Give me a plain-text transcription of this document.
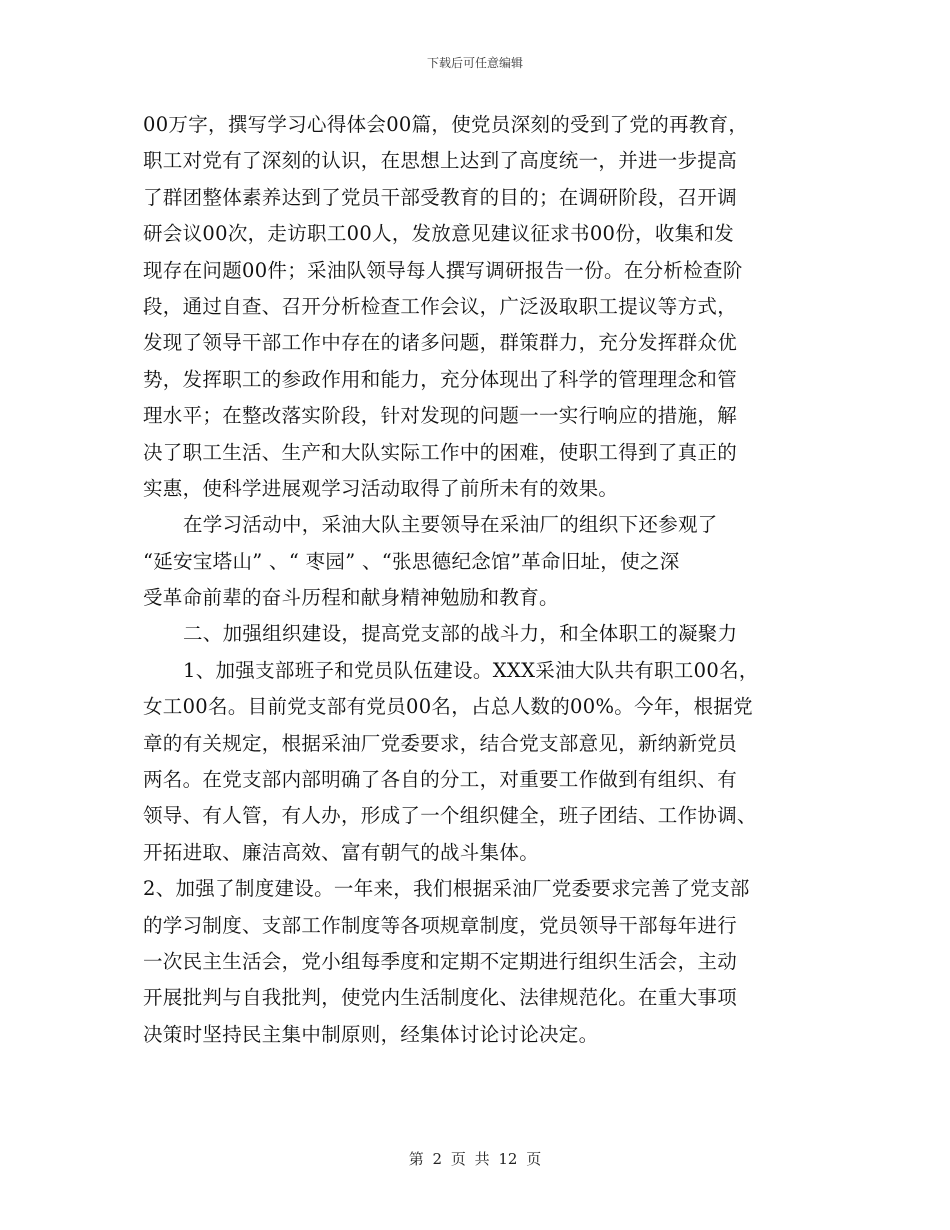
下载后可任意编辑
00万字，撰写学习心得体会00篇，使党员深刻的受到了党的再教育，
职工对党有了深刻的认识，在思想上达到了高度统一，并进一步提高
了群团整体素养达到了党员干部受教育的目的；在调研阶段，召开调
研会议00次，走访职工00人，发放意见建议征求书00份，收集和发
现存在问题00件；采油队领导每人撰写调研报告一份。在分析检查阶
段，通过自查、召开分析检查工作会议，广泛汲取职工提议等方式，
发现了领导干部工作中存在的诸多问题，群策群力，充分发挥群众优
势，发挥职工的参政作用和能力，充分体现出了科学的管理理念和管
理水平；在整改落实阶段，针对发现的问题一一实行响应的措施，解
决了职工生活、生产和大队实际工作中的困难，使职工得到了真正的
实惠，使科学进展观学习活动取得了前所未有的效果。
在学习活动中，采油大队主要领导在采油厂的组织下还参观了
“延安宝塔山” 、“ 枣园” 、“张思德纪念馆”革命旧址，使之深
受革命前辈的奋斗历程和献身精神勉励和教育。
二、加强组织建设，提高党支部的战斗力，和全体职工的凝聚力
1、加强支部班子和党员队伍建设。XXX采油大队共有职工00名，
女工00名。目前党支部有党员00名，占总人数的00%。今年，根据党
章的有关规定，根据采油厂党委要求，结合党支部意见，新纳新党员
两名。在党支部内部明确了各自的分工，对重要工作做到有组织、有
领导、有人管，有人办，形成了一个组织健全，班子团结、工作协调、
开拓进取、廉洁高效、富有朝气的战斗集体。
2、加强了制度建设。一年来，我们根据采油厂党委要求完善了党支部
的学习制度、支部工作制度等各项规章制度，党员领导干部每年进行
一次民主生活会，党小组每季度和定期不定期进行组织生活会，主动
开展批判与自我批判，使党内生活制度化、法律规范化。在重大事项
决策时坚持民主集中制原则，经集体讨论讨论决定。
第 2 页 共 12 页
